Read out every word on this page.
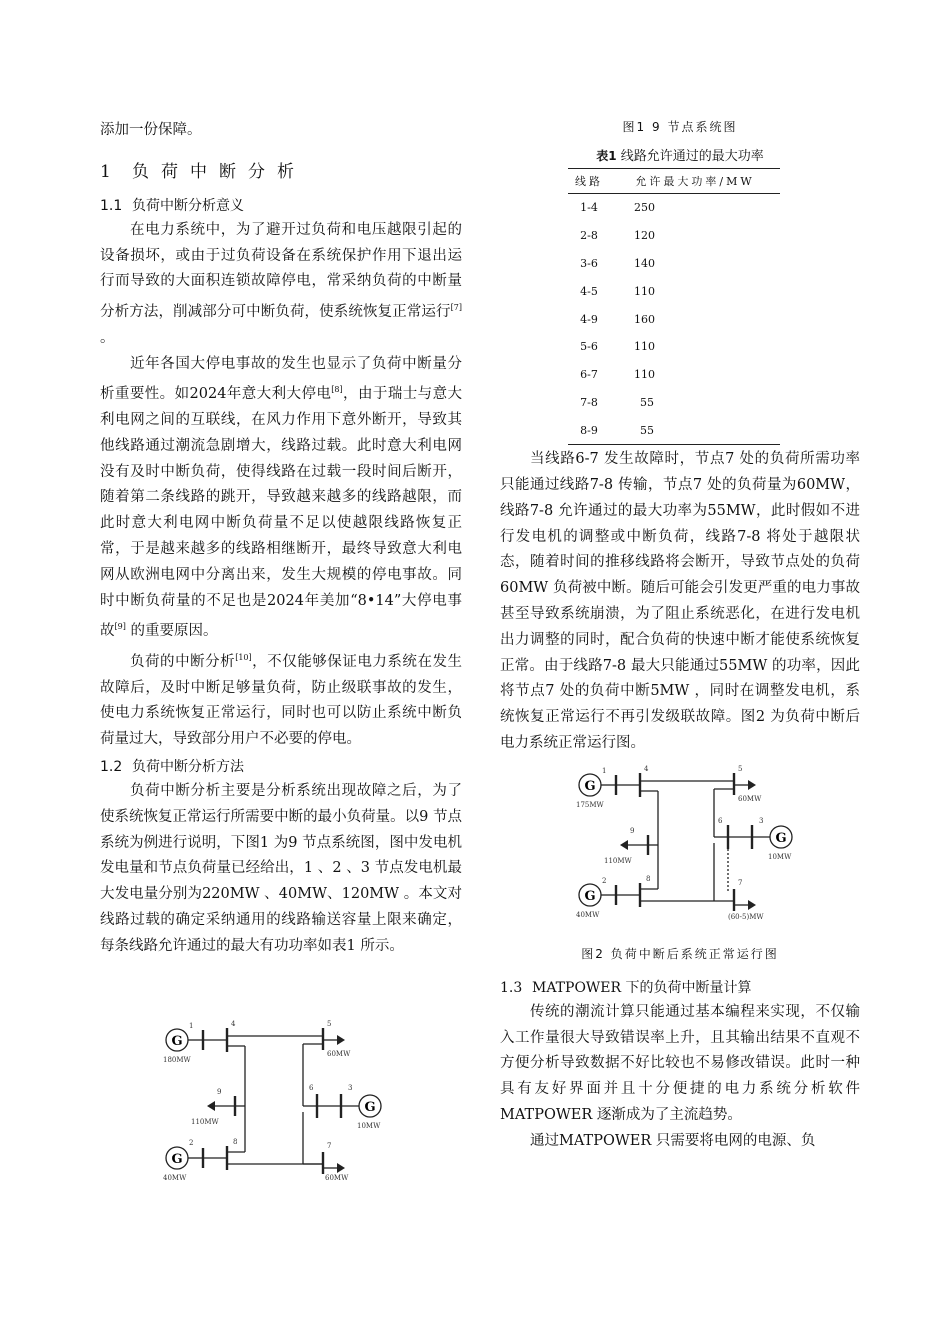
添加一份保障。

1 负荷中断分析
1.1 负荷中断分析意义

在电力系统中，为了避开过负荷和电压越限引起的设备损坏，或由于过负荷设备在系统保护作用下退出运行而导致的大面积连锁故障停电，常采纳负荷的中断量分析方法，削减部分可中断负荷，使系统恢复正常运行[7] 。

近年各国大停电事故的发生也显示了负荷中断量分析重要性。如2024年意大利大停电[8]，由于瑞士与意大利电网之间的互联线，在风力作用下意外断开，导致其他线路通过潮流急剧增大，线路过载。此时意大利电网没有及时中断负荷，使得线路在过载一段时间后断开，随着第二条线路的跳开，导致越来越多的线路越限，而此时意大利电网中断负荷量不足以使越限线路恢复正常，于是越来越多的线路相继断开，最终导致意大利电网从欧洲电网中分离出来，发生大规模的停电事故。同时中断负荷量的不足也是2024年美加“8•14”大停电事故[9] 的重要原因。

负荷的中断分析[10]，不仅能够保证电力系统在发生故障后，及时中断足够量负荷，防止级联事故的发生，使电力系统恢复正常运行，同时也可以防止系统中断负荷量过大，导致部分用户不必要的停电。

1.2 负荷中断分析方法

负荷中断分析主要是分析系统出现故障之后，为了使系统恢复正常运行所需要中断的最小负荷量。以9 节点系统为例进行说明，下图1 为9 节点系统图，图中发电机发电量和节点负荷量已经给出，1 、2 、3 节点发电机最大发电量分别为220MW 、40MW、120MW 。本文对线路过载的确定采纳通用的线路输送容量上限来确定，每条线路允许通过的最大有功功率如表1 所示。

G
G
G
1	4
9
8
2
5
6	3
7
180MW
60MW
110MW	10MW
40MW	60MW
图1 9 节点系统图
表1 线路允许通过的最大功率
线路	允许最大功率/MW
1-4	250
2-8	120
3-6	140
4-5	110
4-9	160
5-6	110
6-7	110
7-8	55
8-9	55

当线路6-7 发生故障时，节点7 处的负荷所需功率只能通过线路7-8 传输，节点7 处的负荷量为60MW，线路7-8 允许通过的最大功率为55MW，此时假如不进行发电机的调整或中断负荷，线路7-8 将处于越限状态，随着时间的推移线路将会断开，导致节点处的负荷60MW 负荷被中断。随后可能会引发更严重的电力事故甚至导致系统崩溃，为了阻止系统恶化，在进行发电机出力调整的同时，配合负荷的快速中断才能使系统恢复正常。由于线路7-8 最大只能通过55MW 的功率，因此将节点7 处的负荷中断5MW ，同时在调整发电机，系统恢复正常运行不再引发级联故障。图2 为负荷中断后电力系统正常运行图。

G
G
G
1	4
9
8
2
5
6	3
7
175MW
60MW
110MW	10MW
40MW	(60-5)MW
图2 负荷中断后系统正常运行图
1.3 MATPOWER 下的负荷中断量计算

传统的潮流计算只能通过基本编程来实现，不仅输入工作量很大导致错误率上升，且其输出结果不直观不方便分析导致数据不好比较也不易修改错误。此时一种具有友好界面并且十分便捷的电力系统分析软件MATPOWER 逐渐成为了主流趋势。

通过MATPOWER 只需要将电网的电源、负
